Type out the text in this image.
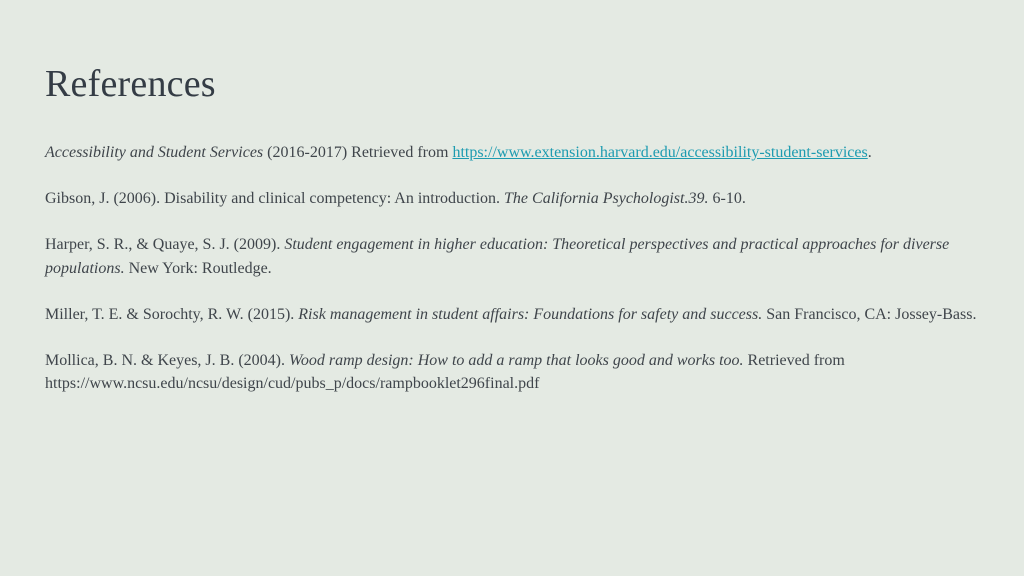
References

Accessibility and Student Services (2016-2017) Retrieved from https://www.extension.harvard.edu/accessibility-student-services.

Gibson, J. (2006). Disability and clinical competency: An introduction. The California Psychologist.39. 6-10.

Harper, S. R., & Quaye, S. J. (2009). Student engagement in higher education: Theoretical perspectives and practical approaches for diverse populations. New York: Routledge.

Miller, T. E. & Sorochty, R. W. (2015). Risk management in student affairs: Foundations for safety and success. San Francisco, CA: Jossey-Bass.

Mollica, B. N. & Keyes, J. B. (2004). Wood ramp design: How to add a ramp that looks good and works too. Retrieved from https://www.ncsu.edu/ncsu/design/cud/pubs_p/docs/rampbooklet296final.pdf
